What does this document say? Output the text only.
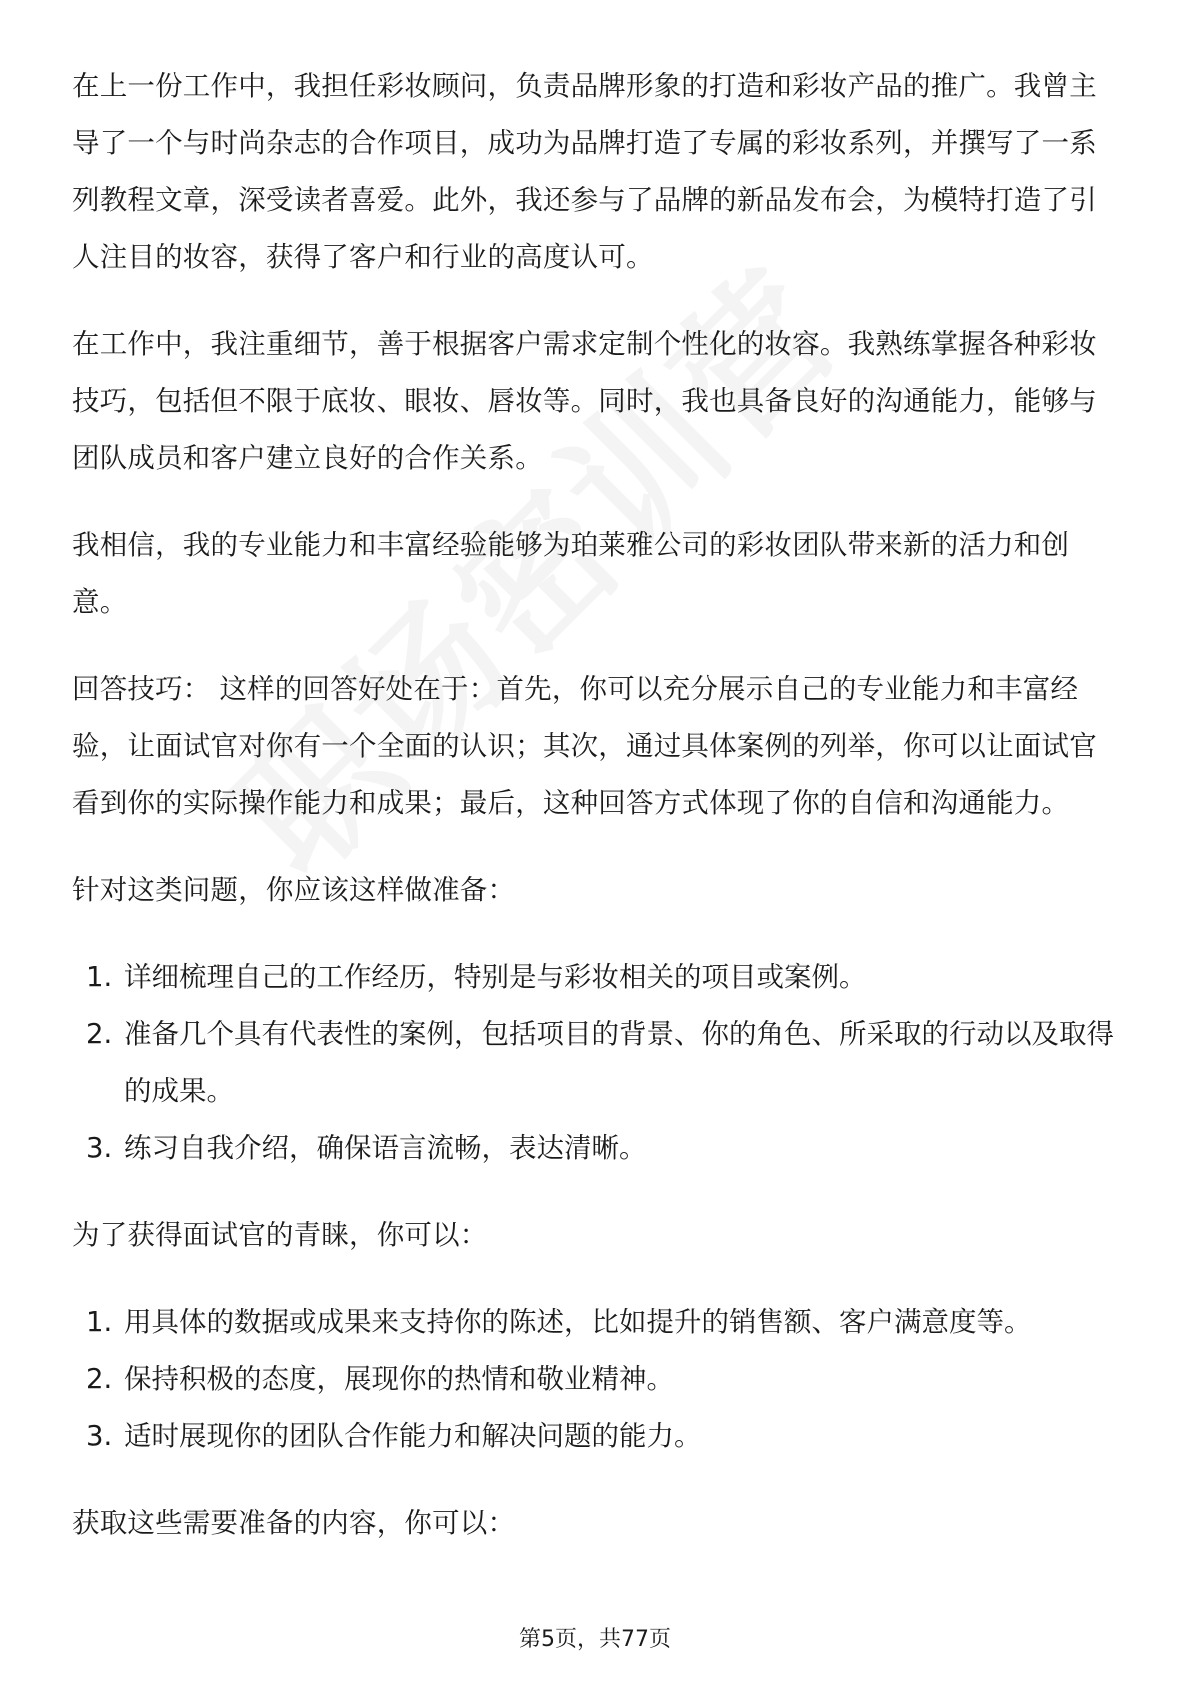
在上一份工作中，我担任彩妆顾问，负责品牌形象的打造和彩妆产品的推广。我曾主导了一个与时尚杂志的合作项目，成功为品牌打造了专属的彩妆系列，并撰写了一系列教程文章，深受读者喜爱。此外，我还参与了品牌的新品发布会，为模特打造了引人注目的妆容，获得了客户和行业的高度认可。

在工作中，我注重细节，善于根据客户需求定制个性化的妆容。我熟练掌握各种彩妆技巧，包括但不限于底妆、眼妆、唇妆等。同时，我也具备良好的沟通能力，能够与团队成员和客户建立良好的合作关系。

我相信，我的专业能力和丰富经验能够为珀莱雅公司的彩妆团队带来新的活力和创意。

回答技巧： 这样的回答好处在于：首先，你可以充分展示自己的专业能力和丰富经验，让面试官对你有一个全面的认识；其次，通过具体案例的列举，你可以让面试官看到你的实际操作能力和成果；最后，这种回答方式体现了你的自信和沟通能力。

针对这类问题，你应该这样做准备：

1. 详细梳理自己的工作经历，特别是与彩妆相关的项目或案例。
2. 准备几个具有代表性的案例，包括项目的背景、你的角色、所采取的行动以及取得的成果。
3. 练习自我介绍，确保语言流畅，表达清晰。

为了获得面试官的青睐，你可以：

1. 用具体的数据或成果来支持你的陈述，比如提升的销售额、客户满意度等。
2. 保持积极的态度，展现你的热情和敬业精神。
3. 适时展现你的团队合作能力和解决问题的能力。

获取这些需要准备的内容，你可以：

第5页，共77页
